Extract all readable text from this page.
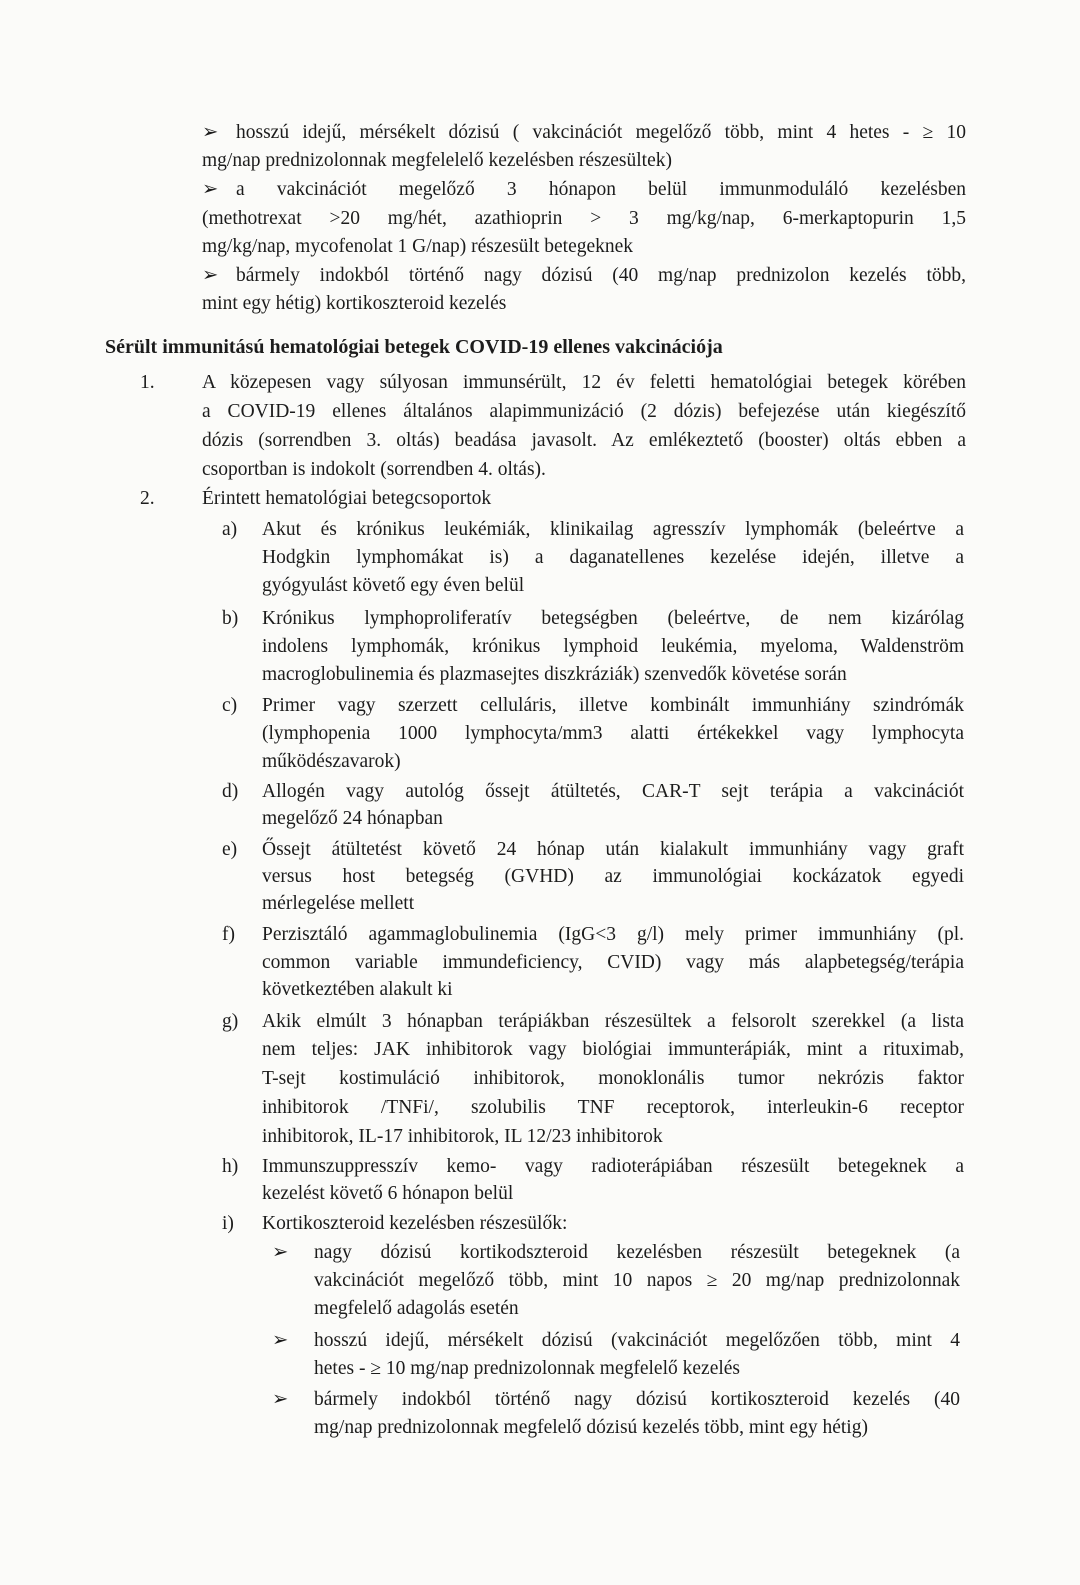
➢ hosszú idejű, mérsékelt dózisú ( vakcinációt megelőző több, mint 4 hetes - ≥ 10
mg/nap prednizolonnak megfelelelő kezelésben részesültek)
➢ a vakcinációt megelőző 3 hónapon belül immunmoduláló kezelésben
(methotrexat >20 mg/hét, azathioprin > 3 mg/kg/nap, 6-merkaptopurin 1,5
mg/kg/nap, mycofenolat 1 G/nap) részesült betegeknek
➢ bármely indokból történő nagy dózisú (40 mg/nap prednizolon kezelés több,
mint egy hétig) kortikoszteroid kezelés
Sérült immunitású hematológiai betegek COVID-19 ellenes vakcinációja
1. A közepesen vagy súlyosan immunsérült, 12 év feletti hematológiai betegek körében
a COVID-19 ellenes általános alapimmunizáció (2 dózis) befejezése után kiegészítő
dózis (sorrendben 3. oltás) beadása javasolt. Az emlékeztető (booster) oltás ebben a
csoportban is indokolt (sorrendben 4. oltás).
2. Érintett hematológiai betegcsoportok
a) Akut és krónikus leukémiák, klinikailag agresszív lymphomák (beleértve a
Hodgkin lymphomákat is) a daganatellenes kezelése idején, illetve a
gyógyulást követő egy éven belül
b) Krónikus lymphoproliferatív betegségben (beleértve, de nem kizárólag
indolens lymphomák, krónikus lymphoid leukémia, myeloma, Waldenström
macroglobulinemia és plazmasejtes diszkráziák) szenvedők követése során
c) Primer vagy szerzett celluláris, illetve kombinált immunhiány szindrómák
(lymphopenia 1000 lymphocyta/mm3 alatti értékekkel vagy lymphocyta
működészavarok)
d) Allogén vagy autológ őssejt átültetés, CAR-T sejt terápia a vakcinációt
megelőző 24 hónapban
e) Őssejt átültetést követő 24 hónap után kialakult immunhiány vagy graft
versus host betegség (GVHD) az immunológiai kockázatok egyedi
mérlegelése mellett
f) Perzisztáló agammaglobulinemia (IgG<3 g/l) mely primer immunhiány (pl.
common variable immundeficiency, CVID) vagy más alapbetegség/terápia
következtében alakult ki
g) Akik elmúlt 3 hónapban terápiákban részesültek a felsorolt szerekkel (a lista
nem teljes: JAK inhibitorok vagy biológiai immunterápiák, mint a rituximab,
T-sejt kostimuláció inhibitorok, monoklonális tumor nekrózis faktor
inhibitorok /TNFi/, szolubilis TNF receptorok, interleukin-6 receptor
inhibitorok, IL-17 inhibitorok, IL 12/23 inhibitorok
h) Immunszuppresszív kemo- vagy radioterápiában részesült betegeknek a
kezelést követő 6 hónapon belül
i) Kortikoszteroid kezelésben részesülők:
➢ nagy dózisú kortikodszteroid kezelésben részesült betegeknek (a
vakcinációt megelőző több, mint 10 napos ≥ 20 mg/nap prednizolonnak
megfelelő adagolás esetén
➢ hosszú idejű, mérsékelt dózisú (vakcinációt megelőzően több, mint 4
hetes - ≥ 10 mg/nap prednizolonnak megfelelő kezelés
➢ bármely indokból történő nagy dózisú kortikoszteroid kezelés (40
mg/nap prednizolonnak megfelelő dózisú kezelés több, mint egy hétig)
